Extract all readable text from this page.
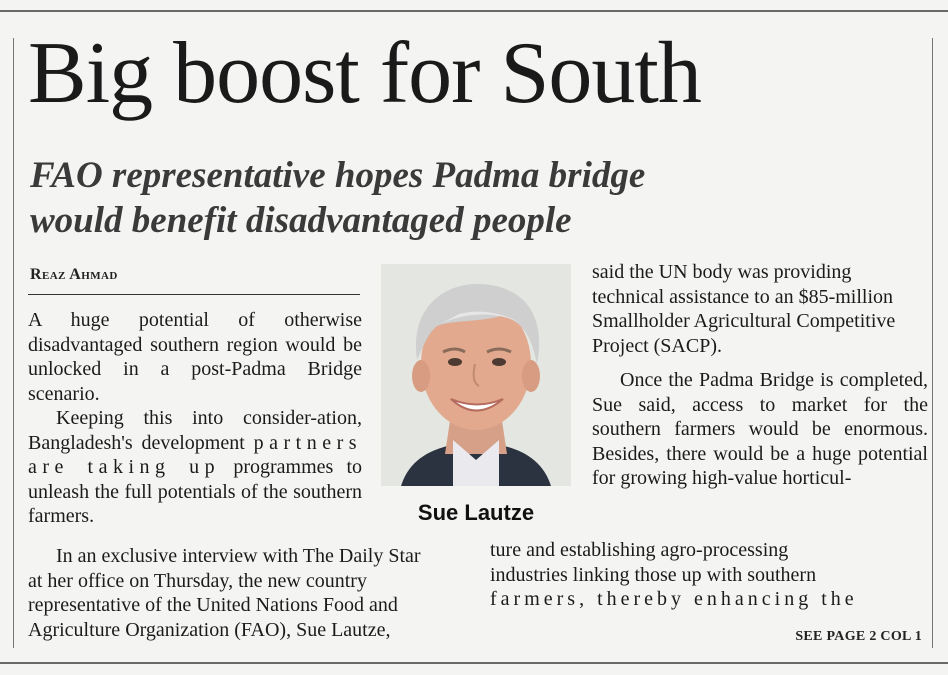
Big boost for South
FAO representative hopes Padma bridge
would benefit disadvantaged people

Reaz Ahmad

Sue Lautze

A huge potential of otherwise disadvantaged southern region would be unlocked in a post-Padma Bridge scenario.

Keeping this into consider-ation, Bangladesh's development partners are taking up programmes to unleash the full potentials of the southern farmers.

In an exclusive interview with The Daily Star
at her office on Thursday, the new country
representative of the United Nations Food and
Agriculture Organization (FAO), Sue Lautze,

said the UN body was providing technical assistance to an $85-million Smallholder Agricultural Competitive Project (SACP).

Once the Padma Bridge is completed, Sue said, access to market for the southern farmers would be enormous. Besides, there would be a huge potential for growing high-value horticul-

ture and establishing agro-processing
industries linking those up with southern
farmers, thereby enhancing the

SEE PAGE 2 COL 1
